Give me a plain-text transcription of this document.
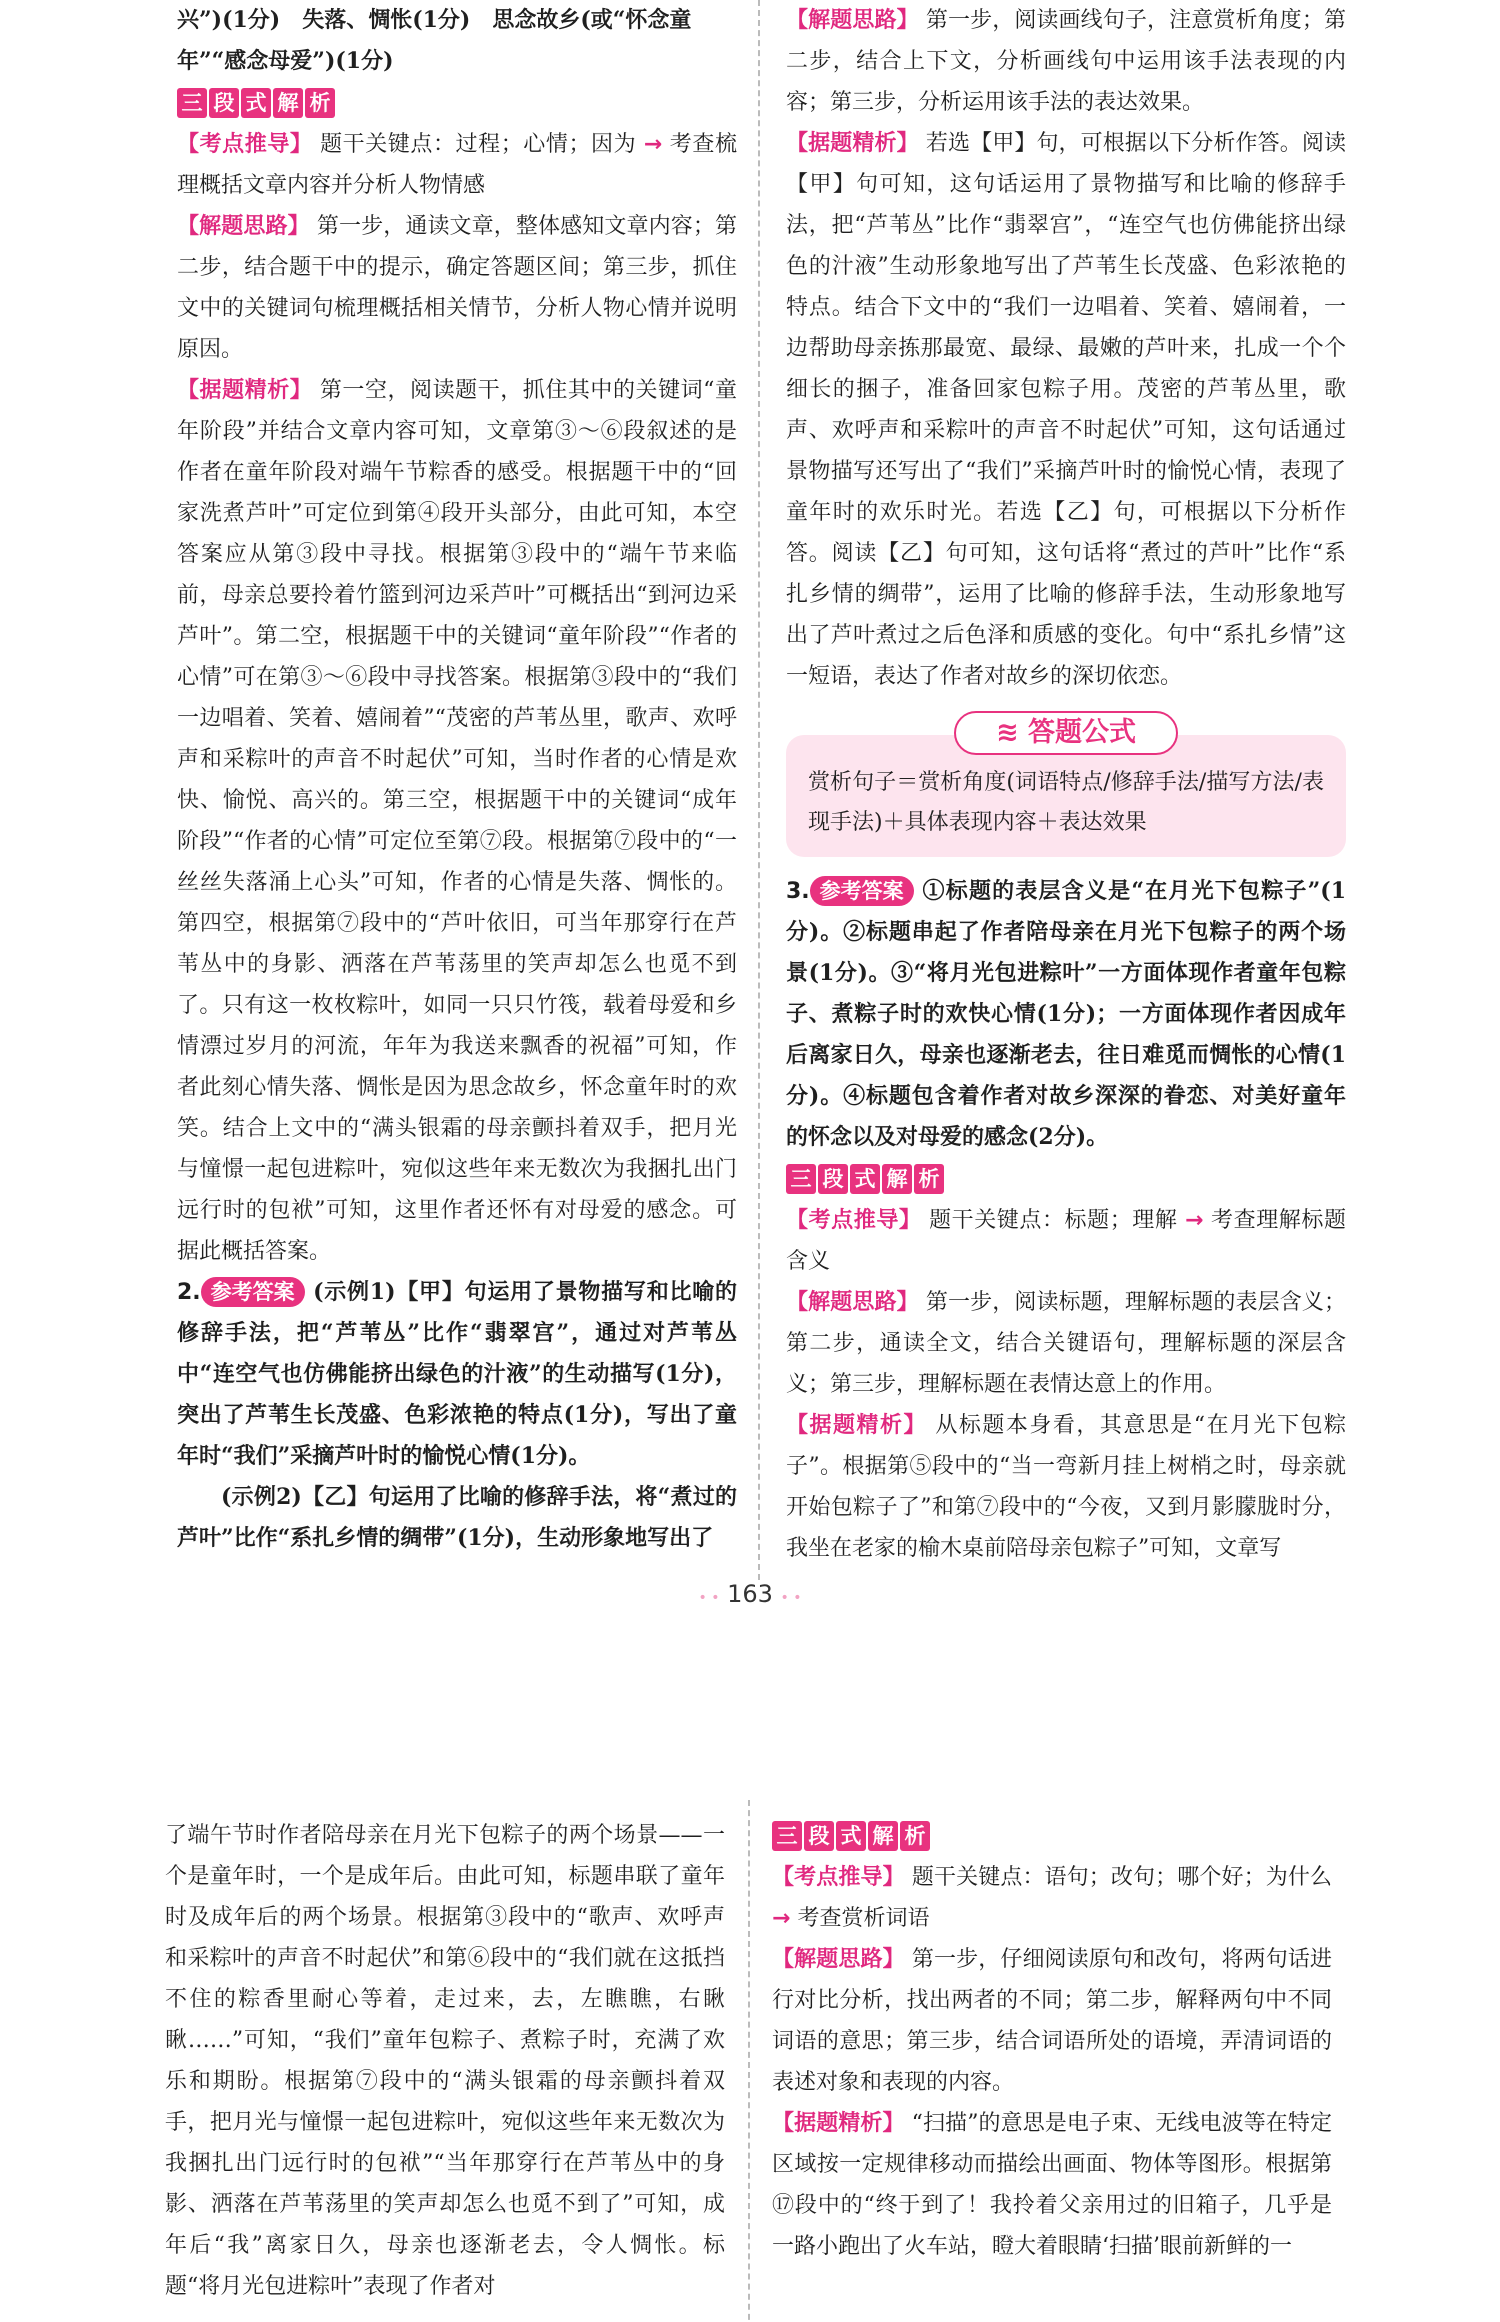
兴”)(1分)　失落、惆怅(1分)　思念故乡(或“怀念童

年”“感念母爱”)(1分)

三 段 式 解 析

【考点推导】 题干关键点：过程；心情；因为 → 考查梳理概括文章内容并分析人物情感

【解题思路】 第一步，通读文章，整体感知文章内容；第二步，结合题干中的提示，确定答题区间；第三步，抓住文中的关键词句梳理概括相关情节，分析人物心情并说明原因。

【据题精析】 第一空，阅读题干，抓住其中的关键词“童年阶段”并结合文章内容可知，文章第③～⑥段叙述的是作者在童年阶段对端午节粽香的感受。根据题干中的“回家洗煮芦叶”可定位到第④段开头部分，由此可知，本空答案应从第③段中寻找。根据第③段中的“端午节来临前，母亲总要拎着竹篮到河边采芦叶”可概括出“到河边采芦叶”。第二空，根据题干中的关键词“童年阶段”“作者的心情”可在第③～⑥段中寻找答案。根据第③段中的“我们一边唱着、笑着、嬉闹着”“茂密的芦苇丛里，歌声、欢呼声和采粽叶的声音不时起伏”可知，当时作者的心情是欢快、愉悦、高兴的。第三空，根据题干中的关键词“成年阶段”“作者的心情”可定位至第⑦段。根据第⑦段中的“一丝丝失落涌上心头”可知，作者的心情是失落、惆怅的。第四空，根据第⑦段中的“芦叶依旧，可当年那穿行在芦苇丛中的身影、洒落在芦苇荡里的笑声却怎么也觅不到了。只有这一枚枚粽叶，如同一只只竹筏，载着母爱和乡情漂过岁月的河流，年年为我送来飘香的祝福”可知，作者此刻心情失落、惆怅是因为思念故乡，怀念童年时的欢笑。结合上文中的“满头银霜的母亲颤抖着双手，把月光与憧憬一起包进粽叶，宛似这些年来无数次为我捆扎出门远行时的包袱”可知，这里作者还怀有对母爱的感念。可据此概括答案。

2. 参考答案 (示例1)【甲】句运用了景物描写和比喻的修辞手法，把“芦苇丛”比作“翡翠宫”，通过对芦苇丛中“连空气也仿佛能挤出绿色的汁液”的生动描写(1分)，突出了芦苇生长茂盛、色彩浓艳的特点(1分)，写出了童年时“我们”采摘芦叶时的愉悦心情(1分)。

(示例2)【乙】句运用了比喻的修辞手法，将“煮过的芦叶”比作“系扎乡情的绸带”(1分)，生动形象地写出了

【解题思路】 第一步，阅读画线句子，注意赏析角度；第二步，结合上下文，分析画线句中运用该手法表现的内容；第三步，分析运用该手法的表达效果。

【据题精析】 若选【甲】句，可根据以下分析作答。阅读【甲】句可知，这句话运用了景物描写和比喻的修辞手法，把“芦苇丛”比作“翡翠宫”，“连空气也仿佛能挤出绿色的汁液”生动形象地写出了芦苇生长茂盛、色彩浓艳的特点。结合下文中的“我们一边唱着、笑着、嬉闹着，一边帮助母亲拣那最宽、最绿、最嫩的芦叶来，扎成一个个细长的捆子，准备回家包粽子用。茂密的芦苇丛里，歌声、欢呼声和采粽叶的声音不时起伏”可知，这句话通过景物描写还写出了“我们”采摘芦叶时的愉悦心情，表现了童年时的欢乐时光。若选【乙】句，可根据以下分析作答。阅读【乙】句可知，这句话将“煮过的芦叶”比作“系扎乡情的绸带”，运用了比喻的修辞手法，生动形象地写出了芦叶煮过之后色泽和质感的变化。句中“系扎乡情”这一短语，表达了作者对故乡的深切依恋。

≋ 答题公式
赏析句子＝赏析角度(词语特点/修辞手法/描写方法/表现手法)＋具体表现内容＋表达效果

3. 参考答案 ①标题的表层含义是“在月光下包粽子”(1分)。②标题串起了作者陪母亲在月光下包粽子的两个场景(1分)。③“将月光包进粽叶”一方面体现作者童年包粽子、煮粽子时的欢快心情(1分)；一方面体现作者因成年后离家日久，母亲也逐渐老去，往日难觅而惆怅的心情(1分)。④标题包含着作者对故乡深深的眷恋、对美好童年的怀念以及对母爱的感念(2分)。

三 段 式 解 析

【考点推导】 题干关键点：标题；理解 → 考查理解标题含义

【解题思路】 第一步，阅读标题，理解标题的表层含义；第二步，通读全文，结合关键语句，理解标题的深层含义；第三步，理解标题在表情达意上的作用。

【据题精析】 从标题本身看，其意思是“在月光下包粽子”。根据第⑤段中的“当一弯新月挂上树梢之时，母亲就开始包粽子了”和第⑦段中的“今夜，又到月影朦胧时分，我坐在老家的榆木桌前陪母亲包粽子”可知，文章写

• • 163 • •

了端午节时作者陪母亲在月光下包粽子的两个场景——一个是童年时，一个是成年后。由此可知，标题串联了童年时及成年后的两个场景。根据第③段中的“歌声、欢呼声和采粽叶的声音不时起伏”和第⑥段中的“我们就在这抵挡不住的粽香里耐心等着，走过来，去，左瞧瞧，右瞅瞅……”可知，“我们”童年包粽子、煮粽子时，充满了欢乐和期盼。根据第⑦段中的“满头银霜的母亲颤抖着双手，把月光与憧憬一起包进粽叶，宛似这些年来无数次为我捆扎出门远行时的包袱”“当年那穿行在芦苇丛中的身影、洒落在芦苇荡里的笑声却怎么也觅不到了”可知，成年后“我”离家日久，母亲也逐渐老去，令人惆怅。标题“将月光包进粽叶”表现了作者对

三 段 式 解 析

【考点推导】 题干关键点：语句；改句；哪个好；为什么 → 考查赏析词语

【解题思路】 第一步，仔细阅读原句和改句，将两句话进行对比分析，找出两者的不同；第二步，解释两句中不同词语的意思；第三步，结合词语所处的语境，弄清词语的表述对象和表现的内容。

【据题精析】 “扫描”的意思是电子束、无线电波等在特定区域按一定规律移动而描绘出画面、物体等图形。根据第⑰段中的“终于到了！我拎着父亲用过的旧箱子，几乎是一路小跑出了火车站，瞪大着眼睛‘扫描’眼前新鲜的一
